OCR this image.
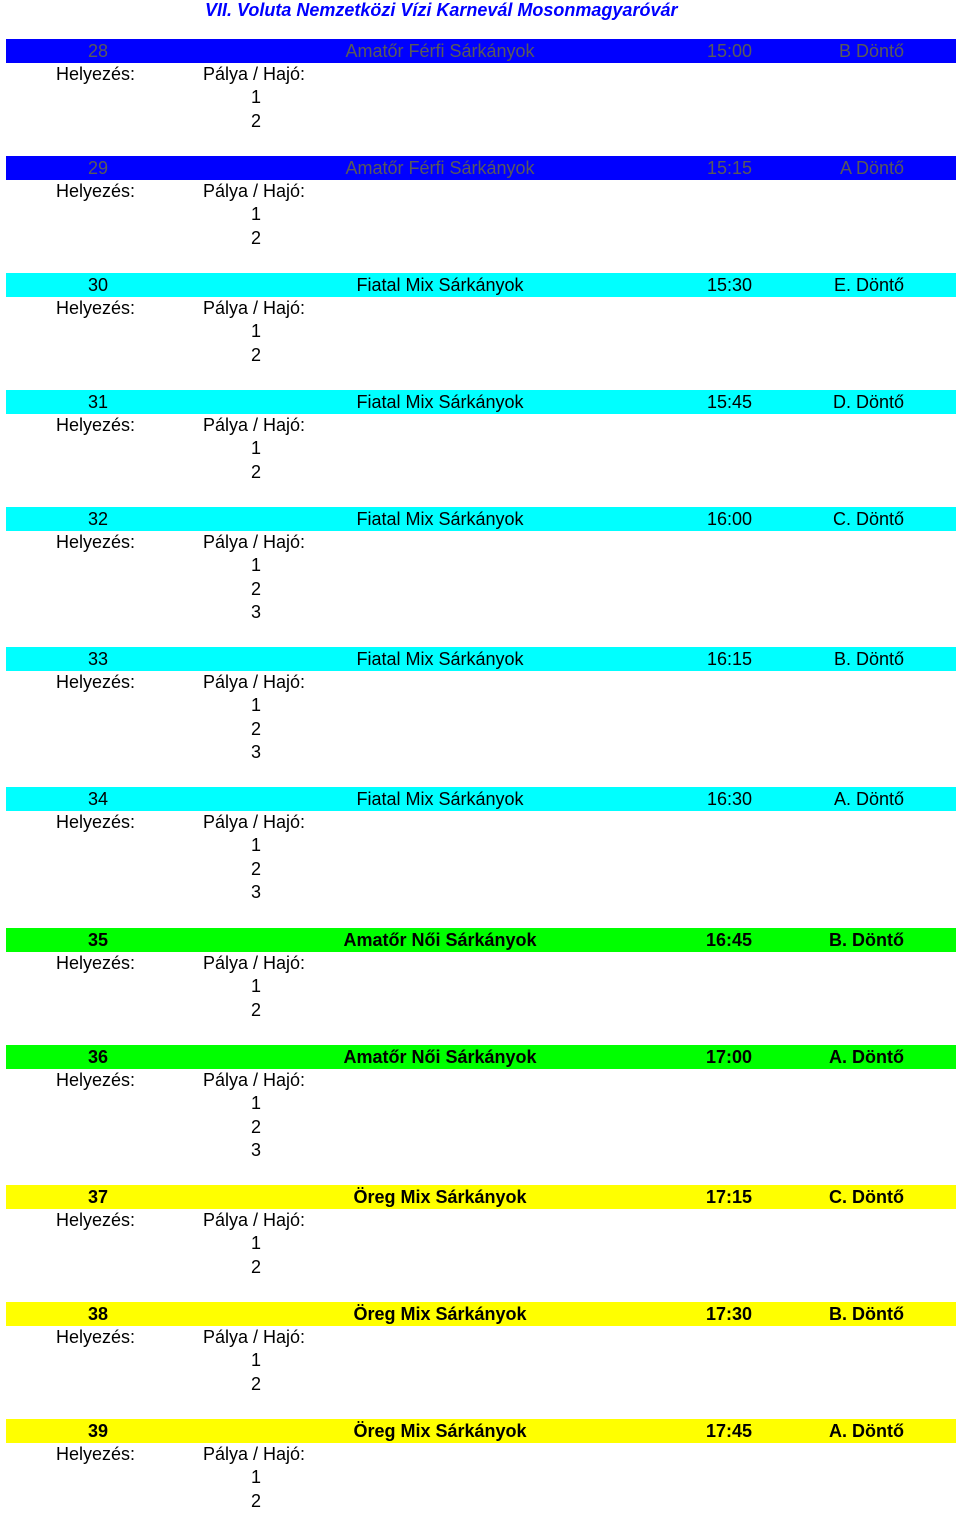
VII. Voluta Nemzetközi Vízi Karnevál Mosonmagyaróvár
28	Amatőr Férfi Sárkányok	15:00	B Döntő
Helyezés:	Pálya / Hajó:
1
2
29	Amatőr Férfi Sárkányok	15:15	A Döntő
Helyezés:	Pálya / Hajó:
1
2
30	Fiatal Mix Sárkányok	15:30	E. Döntő
Helyezés:	Pálya / Hajó:
1
2
31	Fiatal Mix Sárkányok	15:45	D. Döntő
Helyezés:	Pálya / Hajó:
1
2
32	Fiatal Mix Sárkányok	16:00	C. Döntő
Helyezés:	Pálya / Hajó:
1
2
3
33	Fiatal Mix Sárkányok	16:15	B. Döntő
Helyezés:	Pálya / Hajó:
1
2
3
34	Fiatal Mix Sárkányok	16:30	A. Döntő
Helyezés:	Pálya / Hajó:
1
2
3
35	Amatőr Női Sárkányok	16:45	B. Döntő
Helyezés:	Pálya / Hajó:
1
2
36	Amatőr Női Sárkányok	17:00	A. Döntő
Helyezés:	Pálya / Hajó:
1
2
3
37	Öreg Mix Sárkányok	17:15	C. Döntő
Helyezés:	Pálya / Hajó:
1
2
38	Öreg Mix Sárkányok	17:30	B. Döntő
Helyezés:	Pálya / Hajó:
1
2
39	Öreg Mix Sárkányok	17:45	A. Döntő
Helyezés:	Pálya / Hajó:
1
2
